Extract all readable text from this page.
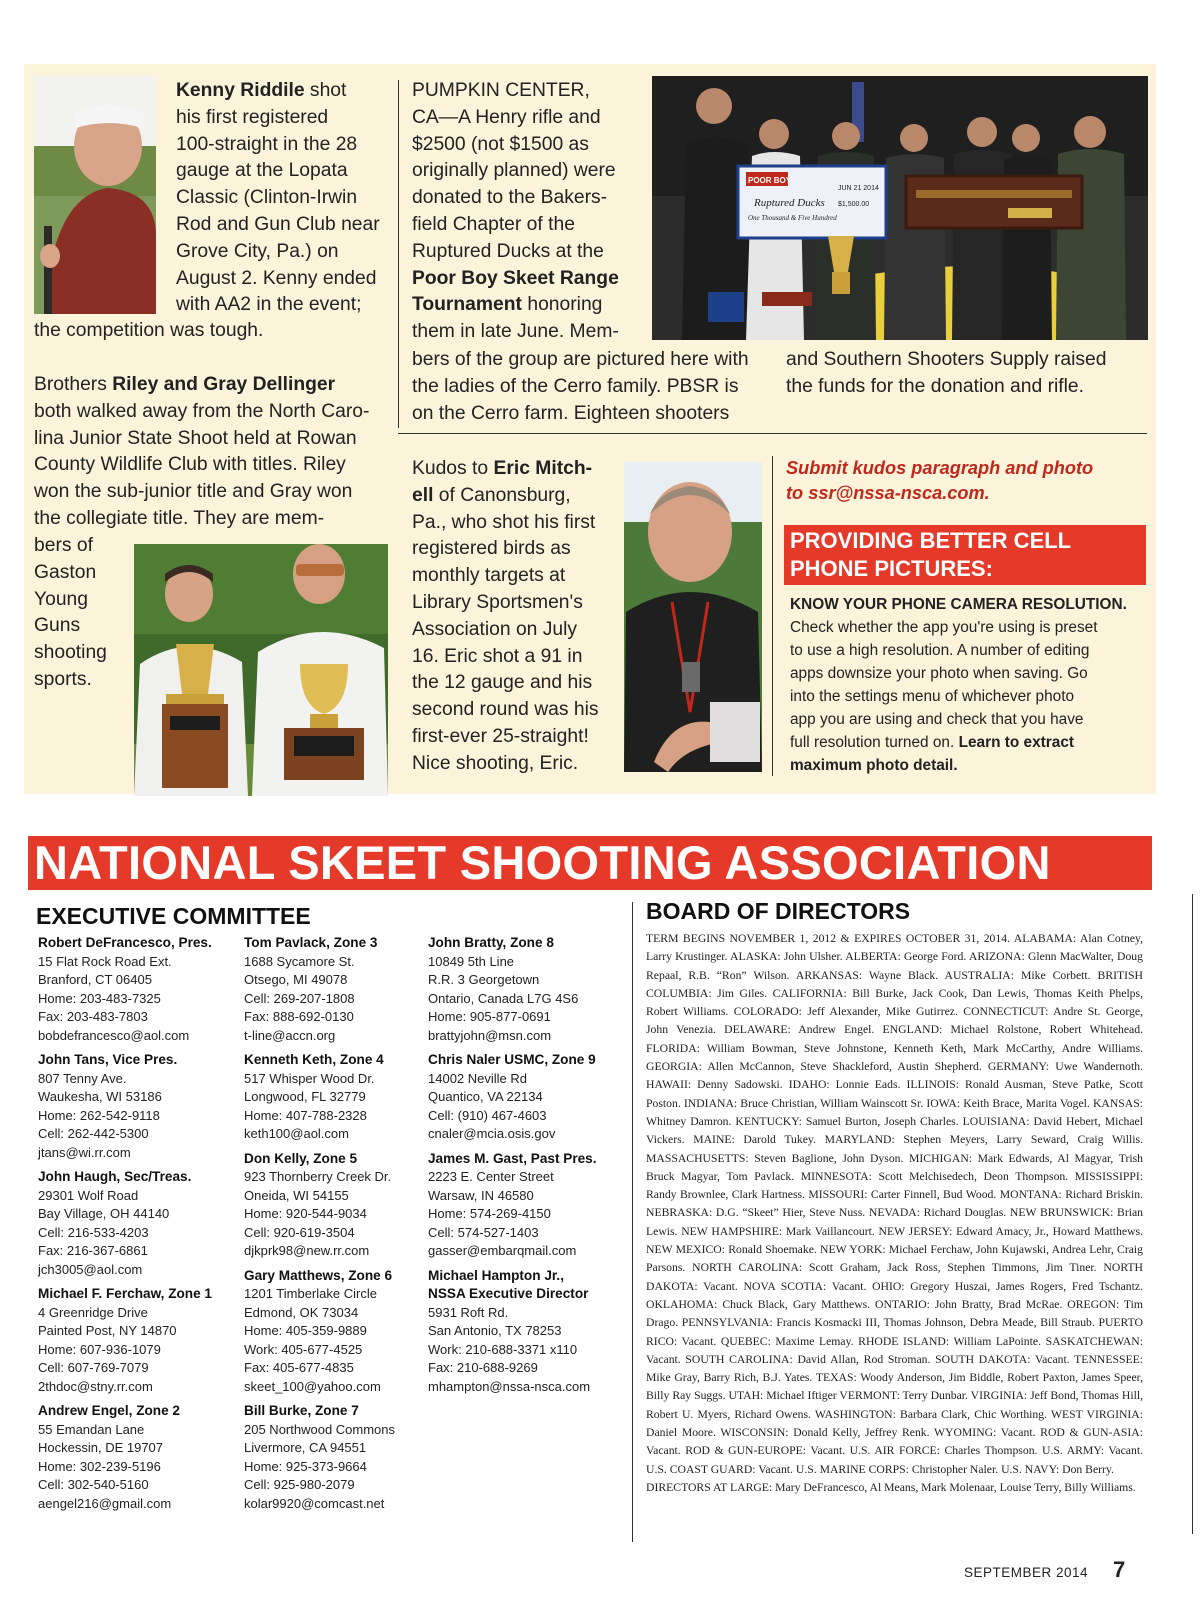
Kenny Riddile shot
his first registered
100-straight in the 28
gauge at the Lopata
Classic (Clinton-Irwin
Rod and Gun Club near
Grove City, Pa.) on
August 2. Kenny ended
with AA2 in the event;
the competition was tough.
Brothers Riley and Gray Dellinger
both walked away from the North Caro-
lina Junior State Shoot held at Rowan
County Wildlife Club with titles. Riley
won the sub-junior title and Gray won
the collegiate title. They are mem-
bers of
Gaston
Young
Guns
shooting
sports.
PUMPKIN CENTER,
CA—A Henry rifle and
$2500 (not $1500 as
originally planned) were
donated to the Bakers-
field Chapter of the
Ruptured Ducks at the
Poor Boy Skeet Range
Tournament honoring
them in late June. Mem-
bers of the group are pictured here with
the ladies of the Cerro family. PBSR is
on the Cerro farm. Eighteen shooters
and Southern Shooters Supply raised
the funds for the donation and rifle.
POOR BOY
JUN 21 2014
Ruptured Ducks $1,500.00
One Thousand & Five Hundred
Kudos to Eric Mitch-
ell of Canonsburg,
Pa., who shot his first
registered birds as
monthly targets at
Library Sportsmen's
Association on July
16. Eric shot a 91 in
the 12 gauge and his
second round was his
first-ever 25-straight!
Nice shooting, Eric.
Submit kudos paragraph and photo
to ssr@nssa-nsca.com.
PROVIDING BETTER CELL
PHONE PICTURES:
KNOW YOUR PHONE CAMERA RESOLUTION.
Check whether the app you're using is preset
to use a high resolution. A number of editing
apps downsize your photo when saving. Go
into the settings menu of whichever photo
app you are using and check that you have
full resolution turned on. Learn to extract
maximum photo detail.
NATIONAL SKEET SHOOTING ASSOCIATION
EXECUTIVE COMMITTEE
Robert DeFrancesco, Pres.
15 Flat Rock Road Ext.
Branford, CT 06405
Home: 203-483-7325
Fax: 203-483-7803
bobdefrancesco@aol.com
John Tans, Vice Pres.
807 Tenny Ave.
Waukesha, WI 53186
Home: 262-542-9118
Cell: 262-442-5300
jtans@wi.rr.com
John Haugh, Sec/Treas.
29301 Wolf Road
Bay Village, OH 44140
Cell: 216-533-4203
Fax: 216-367-6861
jch3005@aol.com
Michael F. Ferchaw, Zone 1
4 Greenridge Drive
Painted Post, NY 14870
Home: 607-936-1079
Cell: 607-769-7079
2thdoc@stny.rr.com
Andrew Engel, Zone 2
55 Emandan Lane
Hockessin, DE 19707
Home: 302-239-5196
Cell: 302-540-5160
aengel216@gmail.com
Tom Pavlack, Zone 3
1688 Sycamore St.
Otsego, MI 49078
Cell: 269-207-1808
Fax: 888-692-0130
t-line@accn.org
Kenneth Keth, Zone 4
517 Whisper Wood Dr.
Longwood, FL 32779
Home: 407-788-2328
keth100@aol.com
Don Kelly, Zone 5
923 Thornberry Creek Dr.
Oneida, WI 54155
Home: 920-544-9034
Cell: 920-619-3504
djkprk98@new.rr.com
Gary Matthews, Zone 6
1201 Timberlake Circle
Edmond, OK 73034
Home: 405-359-9889
Work: 405-677-4525
Fax: 405-677-4835
skeet_100@yahoo.com
Bill Burke, Zone 7
205 Northwood Commons
Livermore, CA 94551
Home: 925-373-9664
Cell: 925-980-2079
kolar9920@comcast.net
John Bratty, Zone 8
10849 5th Line
R.R. 3 Georgetown
Ontario, Canada L7G 4S6
Home: 905-877-0691
brattyjohn@msn.com
Chris Naler USMC, Zone 9
14002 Neville Rd
Quantico, VA 22134
Cell: (910) 467-4603
cnaler@mcia.osis.gov
James M. Gast, Past Pres.
2223 E. Center Street
Warsaw, IN 46580
Home: 574-269-4150
Cell: 574-527-1403
gasser@embarqmail.com
Michael Hampton Jr., NSSA Executive Director
5931 Roft Rd.
San Antonio, TX 78253
Work: 210-688-3371 x110
Fax: 210-688-9269
mhampton@nssa-nsca.com
BOARD OF DIRECTORS

TERM BEGINS NOVEMBER 1, 2012 & EXPIRES OCTOBER 31, 2014. ALABAMA: Alan Cotney, Larry Krustinger. ALASKA: John Ulsher. ALBERTA: George Ford. ARIZONA: Glenn MacWalter, Doug Repaal, R.B. “Ron” Wilson. ARKANSAS: Wayne Black. AUSTRALIA: Mike Corbett. BRITISH COLUMBIA: Jim Giles. CALIFORNIA: Bill Burke, Jack Cook, Dan Lewis, Thomas Keith Phelps, Robert Williams. COLORADO: Jeff Alexander, Mike Gutirrez. CONNECTICUT: Andre St. George, John Venezia. DELAWARE: Andrew Engel. ENGLAND: Michael Rolstone, Robert Whitehead. FLORIDA: William Bowman, Steve Johnstone, Kenneth Keth, Mark McCarthy, Andre Williams. GEORGIA: Allen McCannon, Steve Shackleford, Austin Shepherd. GERMANY: Uwe Wandernoth. HAWAII: Denny Sadowski. IDAHO: Lonnie Eads. ILLINOIS: Ronald Ausman, Steve Patke, Scott Poston. INDIANA: Bruce Christian, William Wainscott Sr. IOWA: Keith Brace, Marita Vogel. KANSAS: Whitney Damron. KENTUCKY: Samuel Burton, Joseph Charles. LOUISIANA: David Hebert, Michael Vickers. MAINE: Darold Tukey. MARYLAND: Stephen Meyers, Larry Seward, Craig Willis. MASSACHUSETTS: Steven Baglione, John Dyson. MICHIGAN: Mark Edwards, Al Magyar, Trish Bruck Magyar, Tom Pavlack. MINNESOTA: Scott Melchisedech, Deon Thompson. MISSISSIPPI: Randy Brownlee, Clark Hartness. MISSOURI: Carter Finnell, Bud Wood. MONTANA: Richard Briskin. NEBRASKA: D.G. “Skeet” Hier, Steve Nuss. NEVADA: Richard Douglas. NEW BRUNSWICK: Brian Lewis. NEW HAMPSHIRE: Mark Vaillancourt. NEW JERSEY: Edward Amacy, Jr., Howard Matthews. NEW MEXICO: Ronald Shoemake. NEW YORK: Michael Ferchaw, John Kujawski, Andrea Lehr, Craig Parsons. NORTH CAROLINA: Scott Graham, Jack Ross, Stephen Timmons, Jim Tiner. NORTH DAKOTA: Vacant. NOVA SCOTIA: Vacant. OHIO: Gregory Huszai, James Rogers, Fred Tschantz. OKLAHOMA: Chuck Black, Gary Matthews. ONTARIO: John Bratty, Brad McRae. OREGON: Tim Drago. PENNSYLVANIA: Francis Kosmacki III, Thomas Johnson, Debra Meade, Bill Straub. PUERTO RICO: Vacant. QUEBEC: Maxime Lemay. RHODE ISLAND: William LaPointe. SASKATCHEWAN: Vacant. SOUTH CAROLINA: David Allan, Rod Stroman. SOUTH DAKOTA: Vacant. TENNESSEE: Mike Gray, Barry Rich, B.J. Yates. TEXAS: Woody Anderson, Jim Biddle, Robert Paxton, James Speer, Billy Ray Suggs. UTAH: Michael Iftiger VERMONT: Terry Dunbar. VIRGINIA: Jeff Bond, Thomas Hill, Robert U. Myers, Richard Owens. WASHINGTON: Barbara Clark, Chic Worthing. WEST VIRGINIA: Daniel Moore. WISCONSIN: Donald Kelly, Jeffrey Renk. WYOMING: Vacant. ROD & GUN-ASIA: Vacant. ROD & GUN-EUROPE: Vacant. U.S. AIR FORCE: Charles Thompson. U.S. ARMY: Vacant. U.S. COAST GUARD: Vacant. U.S. MARINE CORPS: Christopher Naler. U.S. NAVY: Don Berry.

DIRECTORS AT LARGE: Mary DeFrancesco, Al Means, Mark Molenaar, Louise Terry, Billy Williams.

SEPTEMBER 2014 7
